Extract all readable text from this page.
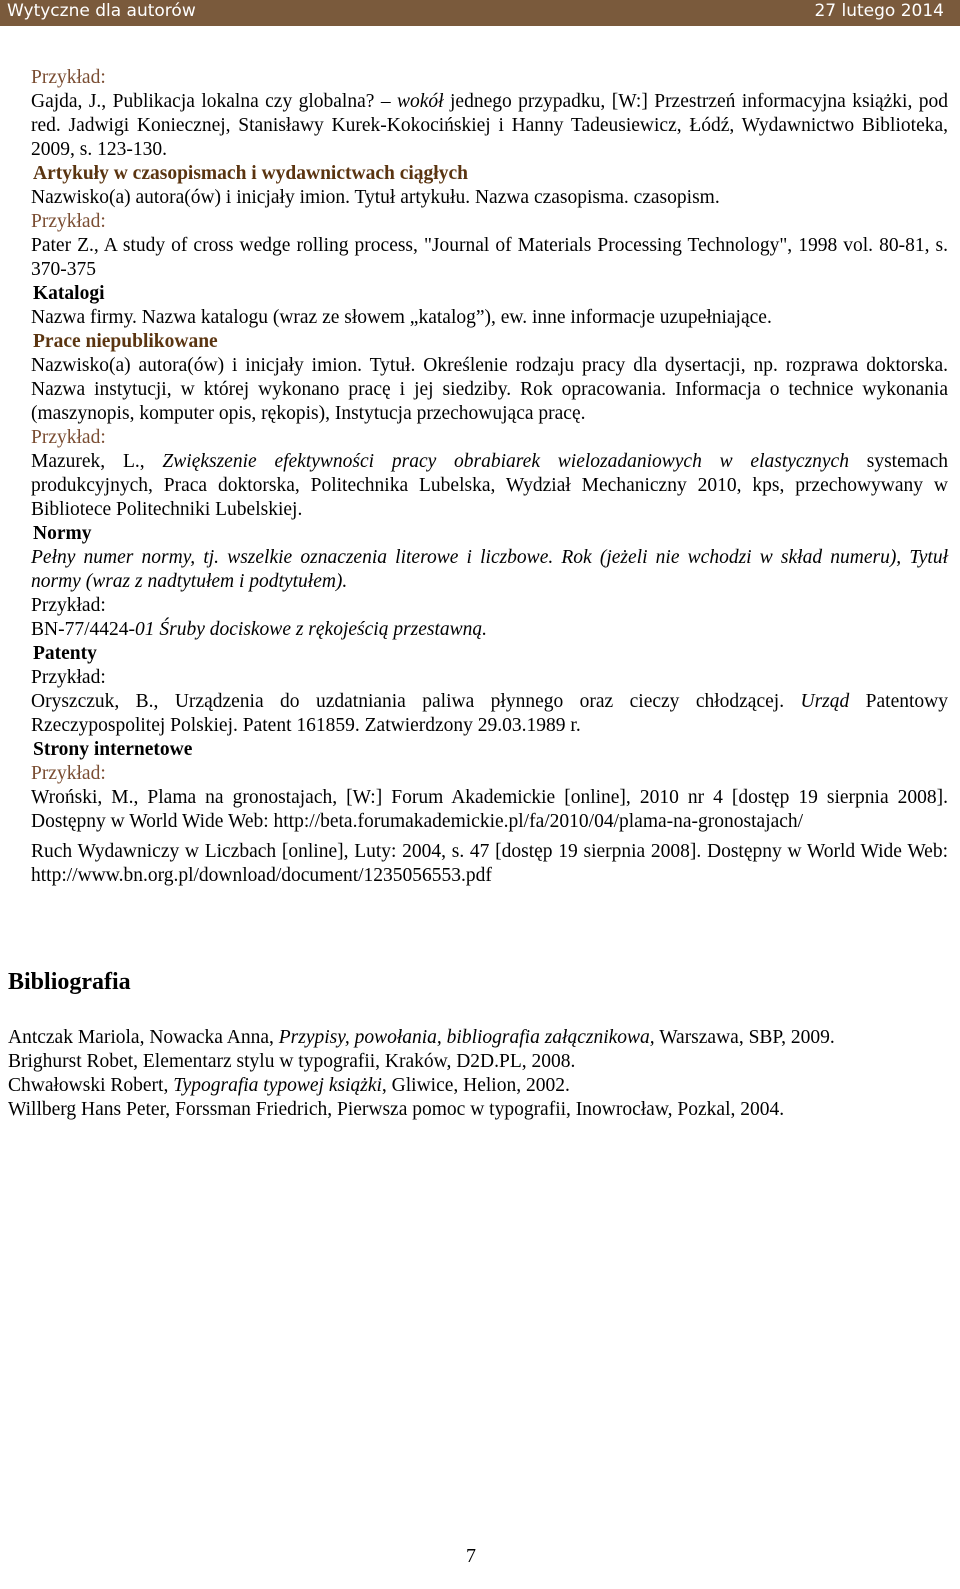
Wytyczne dla autorów	27 lutego 2014

Przykład:

Gajda, J., Publikacja lokalna czy globalna? – wokół jednego przypadku, [W:] Przestrzeń informacyjna książki, pod red. Jadwigi Koniecznej, Stanisławy Kurek-Kokocińskiej i Hanny Tadeusiewicz, Łódź, Wydawnictwo Biblioteka, 2009, s. 123-130.

Artykuły w czasopismach i wydawnictwach ciągłych

Nazwisko(a) autora(ów) i inicjały imion. Tytuł artykułu. Nazwa czasopisma. czasopism.

Przykład:

Pater Z., A study of cross wedge rolling process, "Journal of Materials Processing Technology", 1998 vol. 80-81, s. 370-375

Katalogi

Nazwa firmy. Nazwa katalogu (wraz ze słowem „katalog”), ew. inne informacje uzupełniające.

Prace niepublikowane

Nazwisko(a) autora(ów) i inicjały imion. Tytuł. Określenie rodzaju pracy dla dysertacji, np. rozprawa doktorska. Nazwa instytucji, w której wykonano pracę i jej siedziby. Rok opracowania. Informacja o technice wykonania (maszynopis, komputer opis, rękopis), Instytucja przechowująca pracę.

Przykład:

Mazurek, L., Zwiększenie efektywności pracy obrabiarek wielozadaniowych w elastycznych systemach produkcyjnych, Praca doktorska, Politechnika Lubelska, Wydział Mechaniczny 2010, kps, przechowywany w Bibliotece Politechniki Lubelskiej.

Normy

Pełny numer normy, tj. wszelkie oznaczenia literowe i liczbowe. Rok (jeżeli nie wchodzi w skład numeru), Tytuł normy (wraz z nadtytułem i podtytułem).

Przykład:

BN-77/4424-01 Śruby dociskowe z rękojeścią przestawną.

Patenty

Przykład:

Oryszczuk, B., Urządzenia do uzdatniania paliwa płynnego oraz cieczy chłodzącej. Urząd Patentowy Rzeczypospolitej Polskiej. Patent 161859. Zatwierdzony 29.03.1989 r.

Strony internetowe

Przykład:

Wroński, M., Plama na gronostajach, [W:] Forum Akademickie [online], 2010 nr 4 [dostęp 19 sierpnia 2008]. Dostępny w World Wide Web: http://beta.forumakademickie.pl/fa/2010/04/plama-na-gronostajach/

Ruch Wydawniczy w Liczbach [online], Luty: 2004, s. 47 [dostęp 19 sierpnia 2008]. Dostępny w World Wide Web: http://www.bn.org.pl/download/document/1235056553.pdf

Bibliografia

Antczak Mariola, Nowacka Anna, Przypisy, powołania, bibliografia załącznikowa, Warszawa, SBP, 2009.

Brighurst Robet, Elementarz stylu w typografii, Kraków, D2D.PL, 2008.

Chwałowski Robert, Typografia typowej książki, Gliwice, Helion, 2002.

Willberg Hans Peter, Forssman Friedrich, Pierwsza pomoc w typografii, Inowrocław, Pozkal, 2004.

7
